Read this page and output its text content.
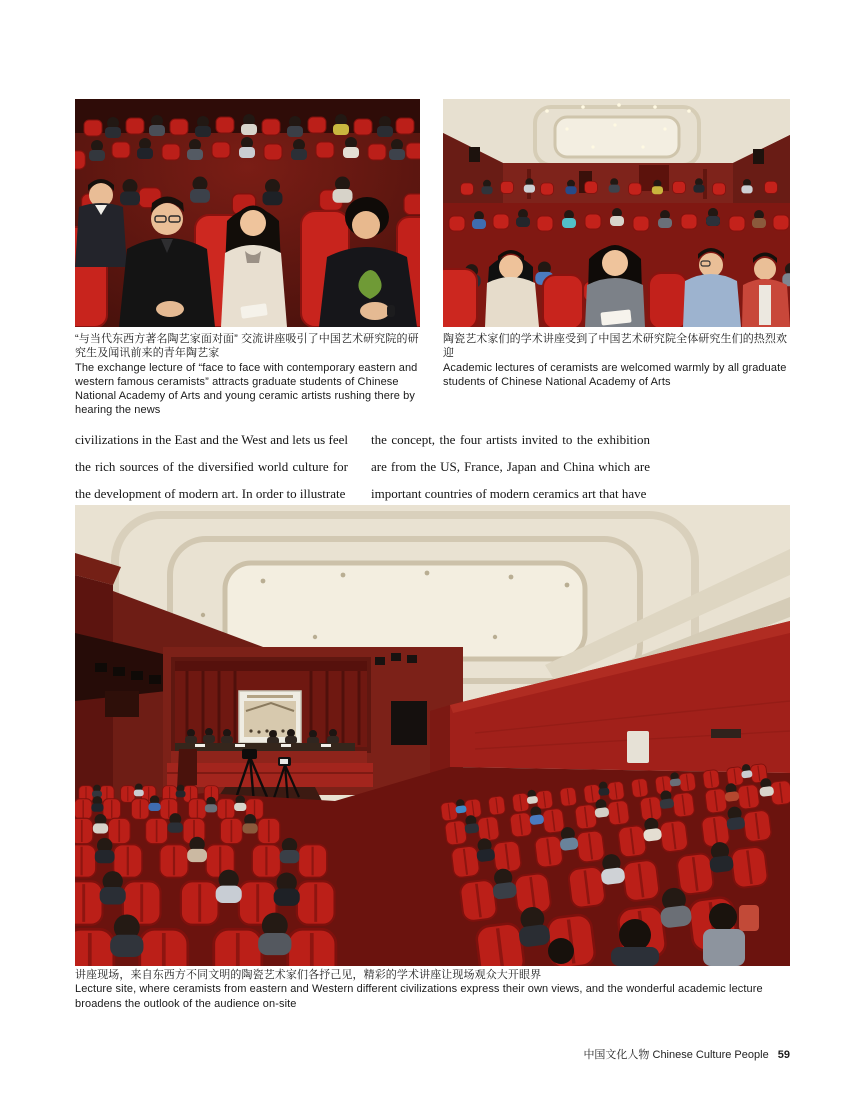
“与当代东西方著名陶艺家面对面” 交流讲座吸引了中国艺术研究院的研究生及闻讯前来的青年陶艺家

The exchange lecture of “face to face with contemporary eastern and western famous ceramists” attracts graduate students of Chinese National Academy of Arts and young ceramic artists rushing there by hearing the news

陶瓷艺术家们的学术讲座受到了中国艺术研究院全体研究生们的热烈欢迎

Academic lectures of ceramists are welcomed warmly by all graduate students of Chinese National Academy of Arts

civilizations in the East and the West and lets us feel the rich sources of the diversified world culture for the development of modern art. In order to illustrate

the concept, the four artists invited to the exhibition are from the US, France, Japan and China which are important countries of modern ceramics art that have

讲座现场，来自东西方不同文明的陶瓷艺术家们各抒己见，精彩的学术讲座让现场观众大开眼界

Lecture site, where ceramists from eastern and Western different civilizations express their own views, and the wonderful academic lecture broadens the outlook of the audience on-site

中国文化人物 Chinese Culture People 59
